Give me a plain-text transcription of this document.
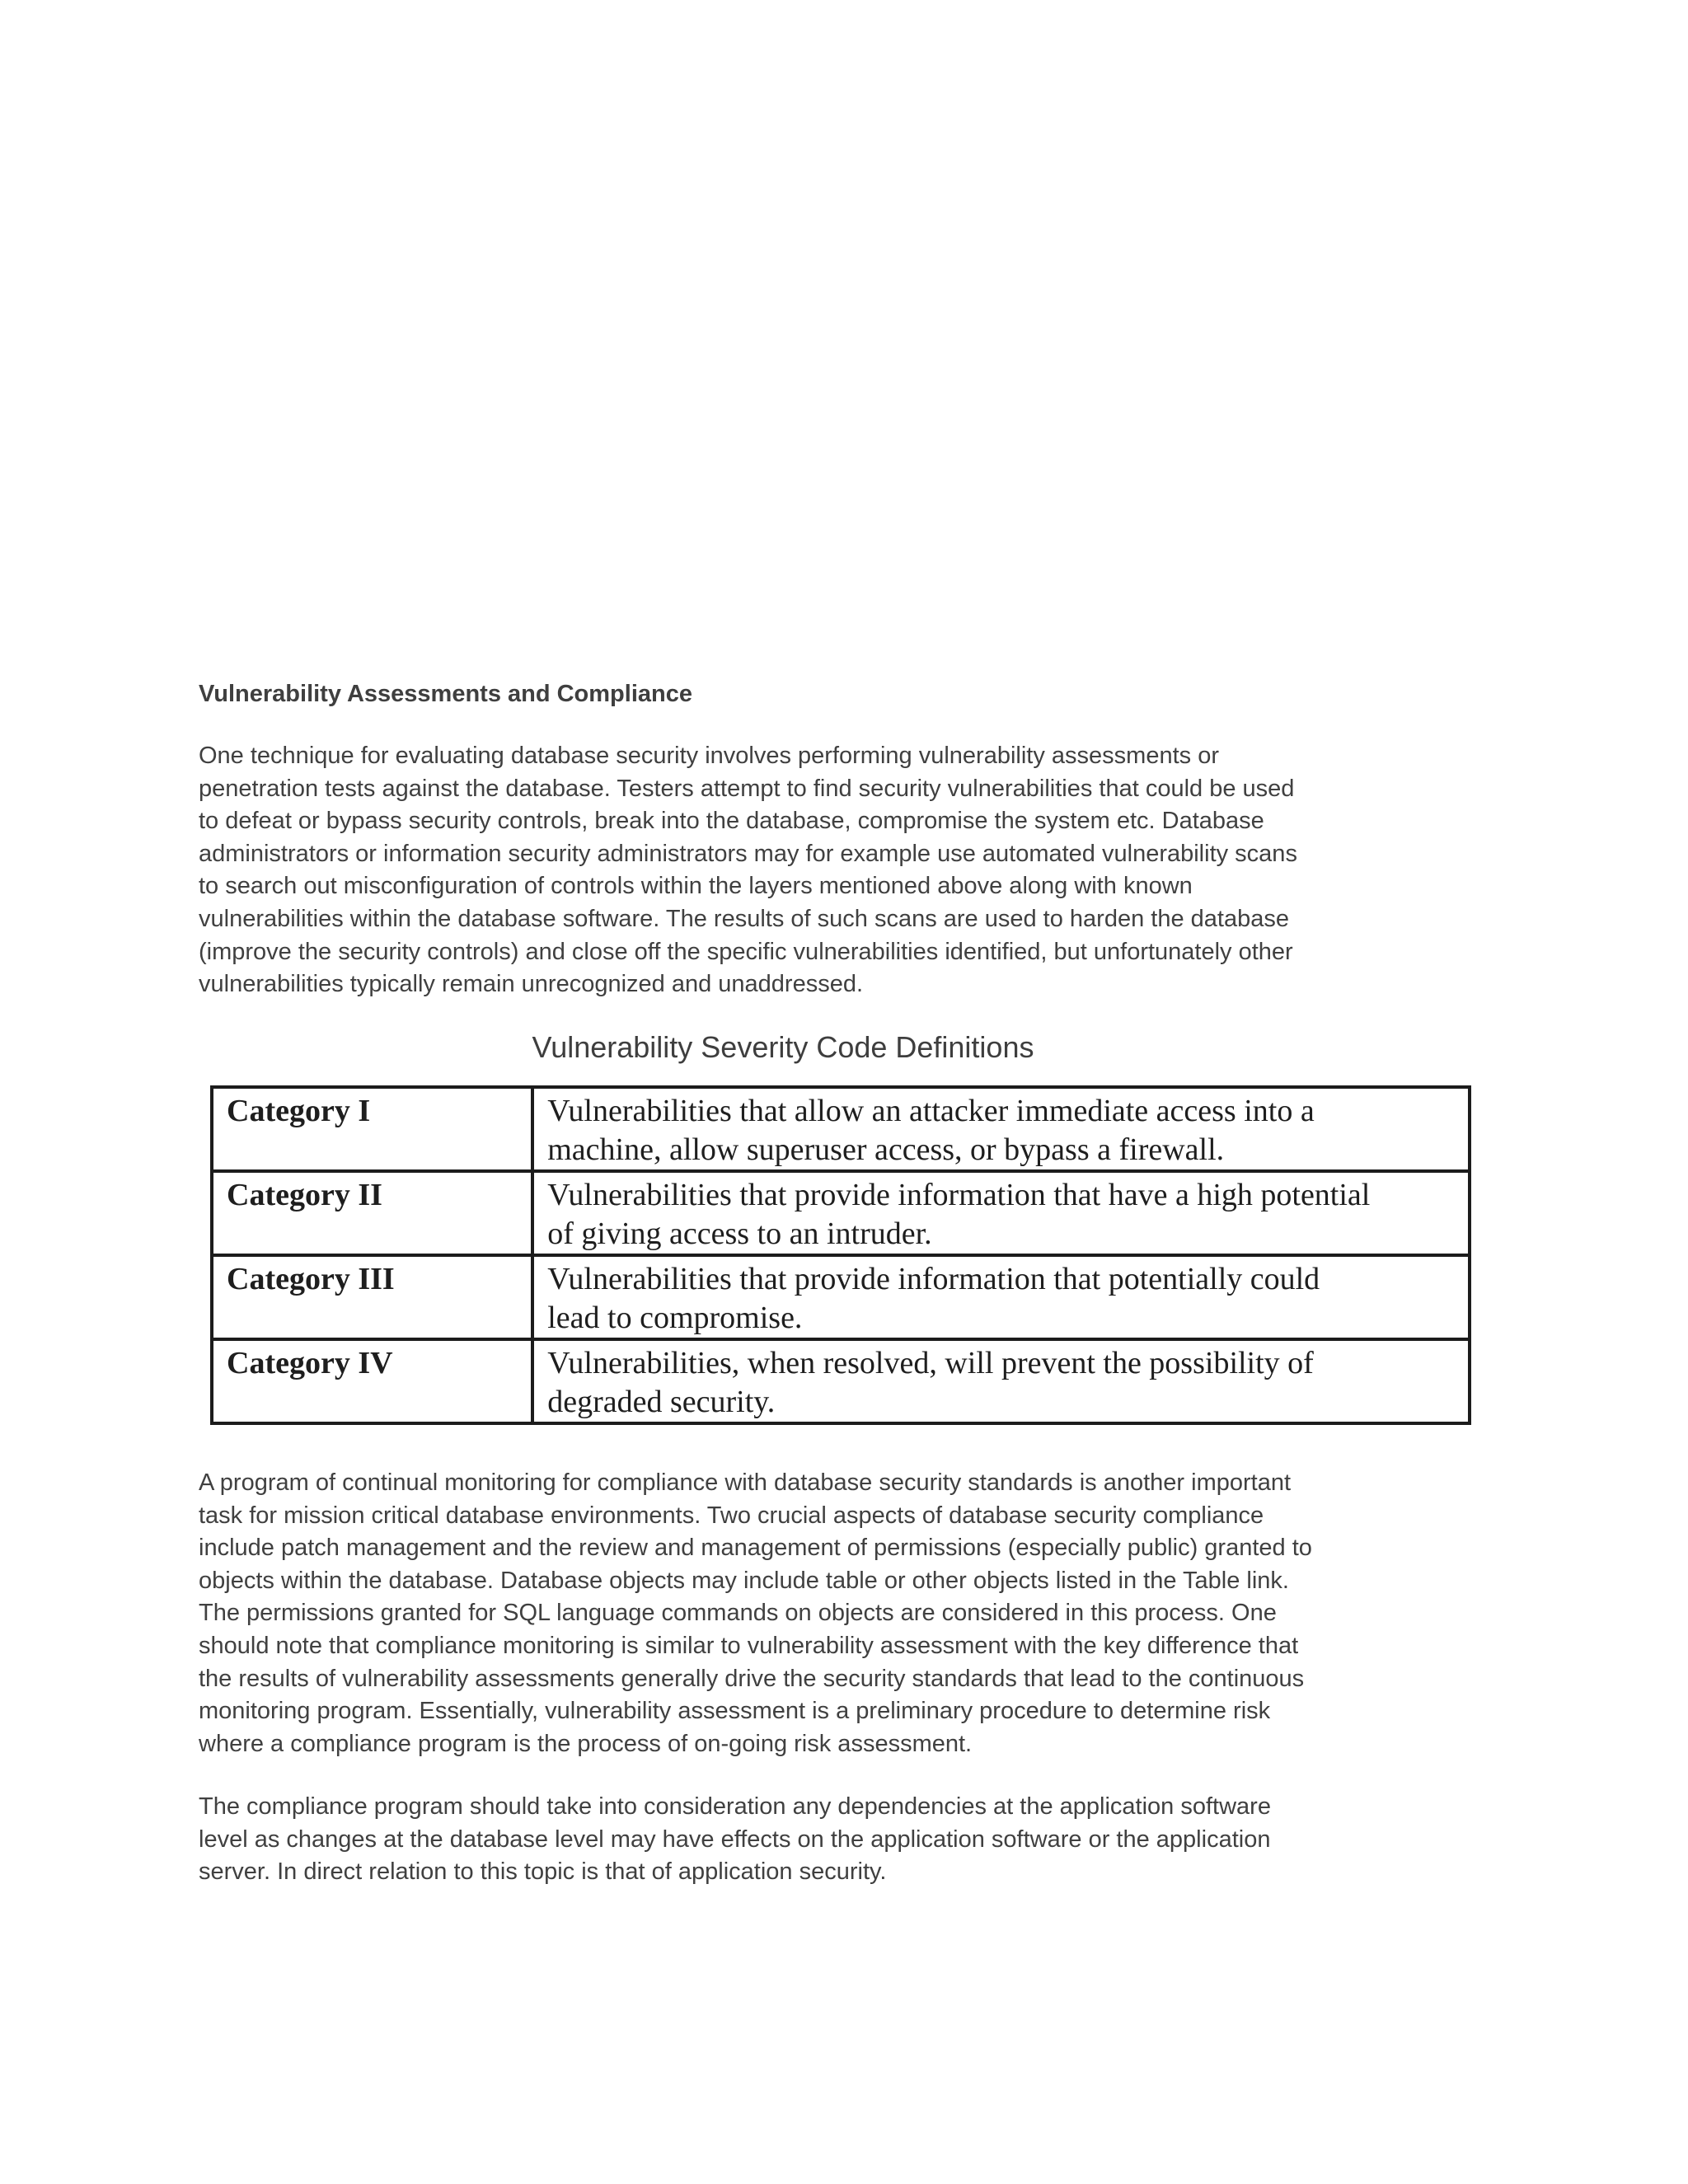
Vulnerability Assessments and Compliance

One technique for evaluating database security involves performing vulnerability assessments or
penetration tests against the database. Testers attempt to find security vulnerabilities that could be used
to defeat or bypass security controls, break into the database, compromise the system etc. Database
administrators or information security administrators may for example use automated vulnerability scans
to search out misconfiguration of controls within the layers mentioned above along with known
vulnerabilities within the database software. The results of such scans are used to harden the database
(improve the security controls) and close off the specific vulnerabilities identified, but unfortunately other
vulnerabilities typically remain unrecognized and unaddressed.

Vulnerability Severity Code Definitions
Category I	Vulnerabilities that allow an attacker immediate access into a
machine, allow superuser access, or bypass a firewall.
Category II	Vulnerabilities that provide information that have a high potential
of giving access to an intruder.
Category III	Vulnerabilities that provide information that potentially could
lead to compromise.
Category IV	Vulnerabilities, when resolved, will prevent the possibility of
degraded security.

A program of continual monitoring for compliance with database security standards is another important
task for mission critical database environments. Two crucial aspects of database security compliance
include patch management and the review and management of permissions (especially public) granted to
objects within the database. Database objects may include table or other objects listed in the Table link.
The permissions granted for SQL language commands on objects are considered in this process. One
should note that compliance monitoring is similar to vulnerability assessment with the key difference that
the results of vulnerability assessments generally drive the security standards that lead to the continuous
monitoring program. Essentially, vulnerability assessment is a preliminary procedure to determine risk
where a compliance program is the process of on-going risk assessment.

The compliance program should take into consideration any dependencies at the application software
level as changes at the database level may have effects on the application software or the application
server. In direct relation to this topic is that of application security.
